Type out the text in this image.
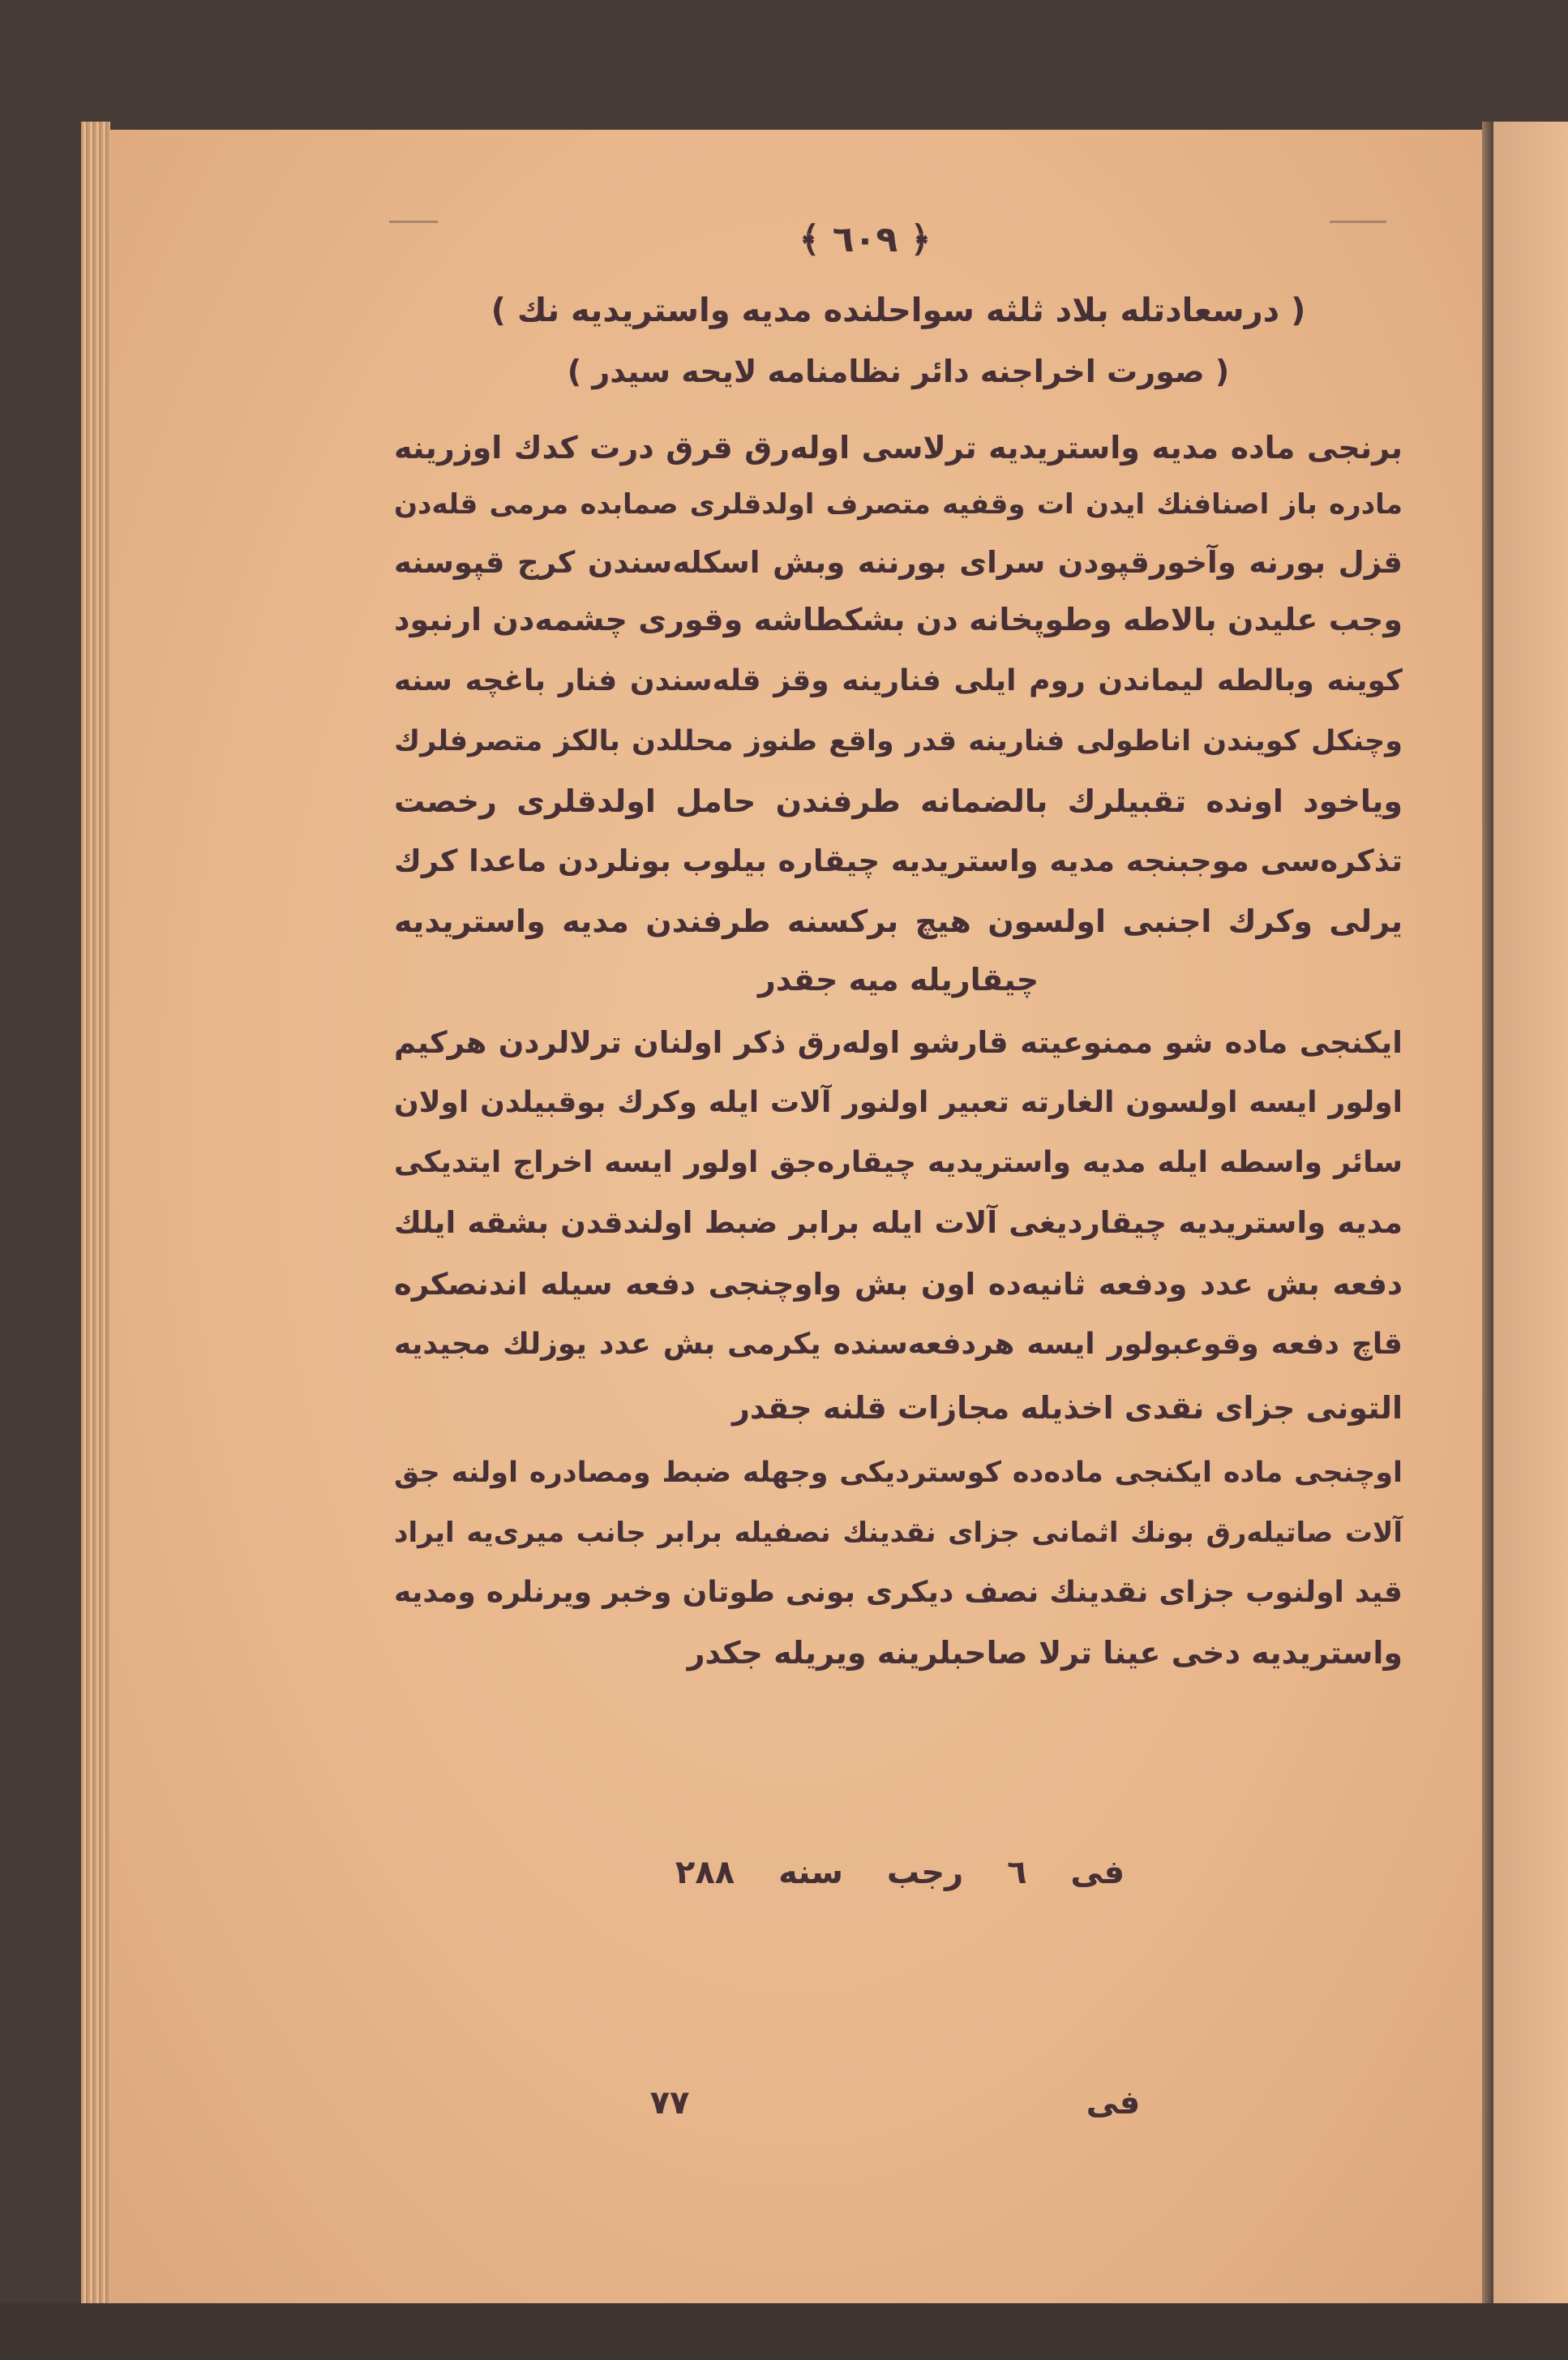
﴿ ٦٠٩ ﴾
( درسعادتله بلاد ثلثه سواحلنده مدیه واستریدیه نك )
( صورت اخراجنه دائر نظامنامه لایحه سیدر )
برنجی ماده مدیه واستریدیه ترلاسی اوله‌رق قرق درت کدك اوزرینه
مادره باز اصنافنك ایدن ات وقفیه متصرف اولدقلری صمابده مرمی قله‌دن
قزل بورنه وآخورقپودن سرای بورننه وبش اسکله‌سندن کرج قپوسنه
وجب علیدن بالاطه وطوپخانه دن بشکطاشه وقوری چشمه‌دن ارنبود
کوینه وبالطه لیماندن روم ایلی فنارینه وقز قله‌سندن فنار باغچه سنه
وچنکل کویندن اناطولی فنارینه قدر واقع طنوز محللدن بالکز متصرفلرك
وياخود اونده تقبیلرك بالضمانه طرفندن حامل اولدقلری رخصت
تذکره‌سی موجبنجه مدیه واستریدیه چیقاره بیلوب بونلردن ماعدا کرك
یرلی وکرك اجنبی اولسون هیچ برکسنه طرفندن مدیه واستریدیه
چیقاریله میه جقدر
ایکنجی ماده شو ممنوعیته قارشو اوله‌رق ذکر اولنان ترلالردن هرکیم
اولور ایسه اولسون الغارته تعبیر اولنور آلات ایله وکرك بوقبیلدن اولان
سائر واسطه ایله مدیه واستریدیه چیقاره‌جق اولور ایسه اخراج ایتدیکی
مدیه واستریدیه چیقاردیغی آلات ایله برابر ضبط اولندقدن بشقه ایلك
دفعه بش عدد ودفعه ثانیه‌ده اون بش واوچنجی دفعه سیله اندنصکره
قاچ دفعه وقوعبولور ایسه هردفعه‌سنده یکرمی بش عدد یوزلك مجیدیه
التونی جزای نقدی اخذیله مجازات قلنه جقدر
اوچنجی ماده ایکنجی ماده‌ده کوستردیکی وجهله ضبط ومصادره اولنه جق
آلات صاتیله‌رق بونك اثمانی جزای نقدینك نصفیله برابر جانب میری‌یه ایراد
قید اولنوب جزای نقدینك نصف دیکری بونی طوتان وخبر ویرنلره ومدیه
واستریدیه دخی عینا ترلا صاحبلرینه ویریله جکدر
فی ٦ رجب سنه ٢٨٨
٧٧	فی
